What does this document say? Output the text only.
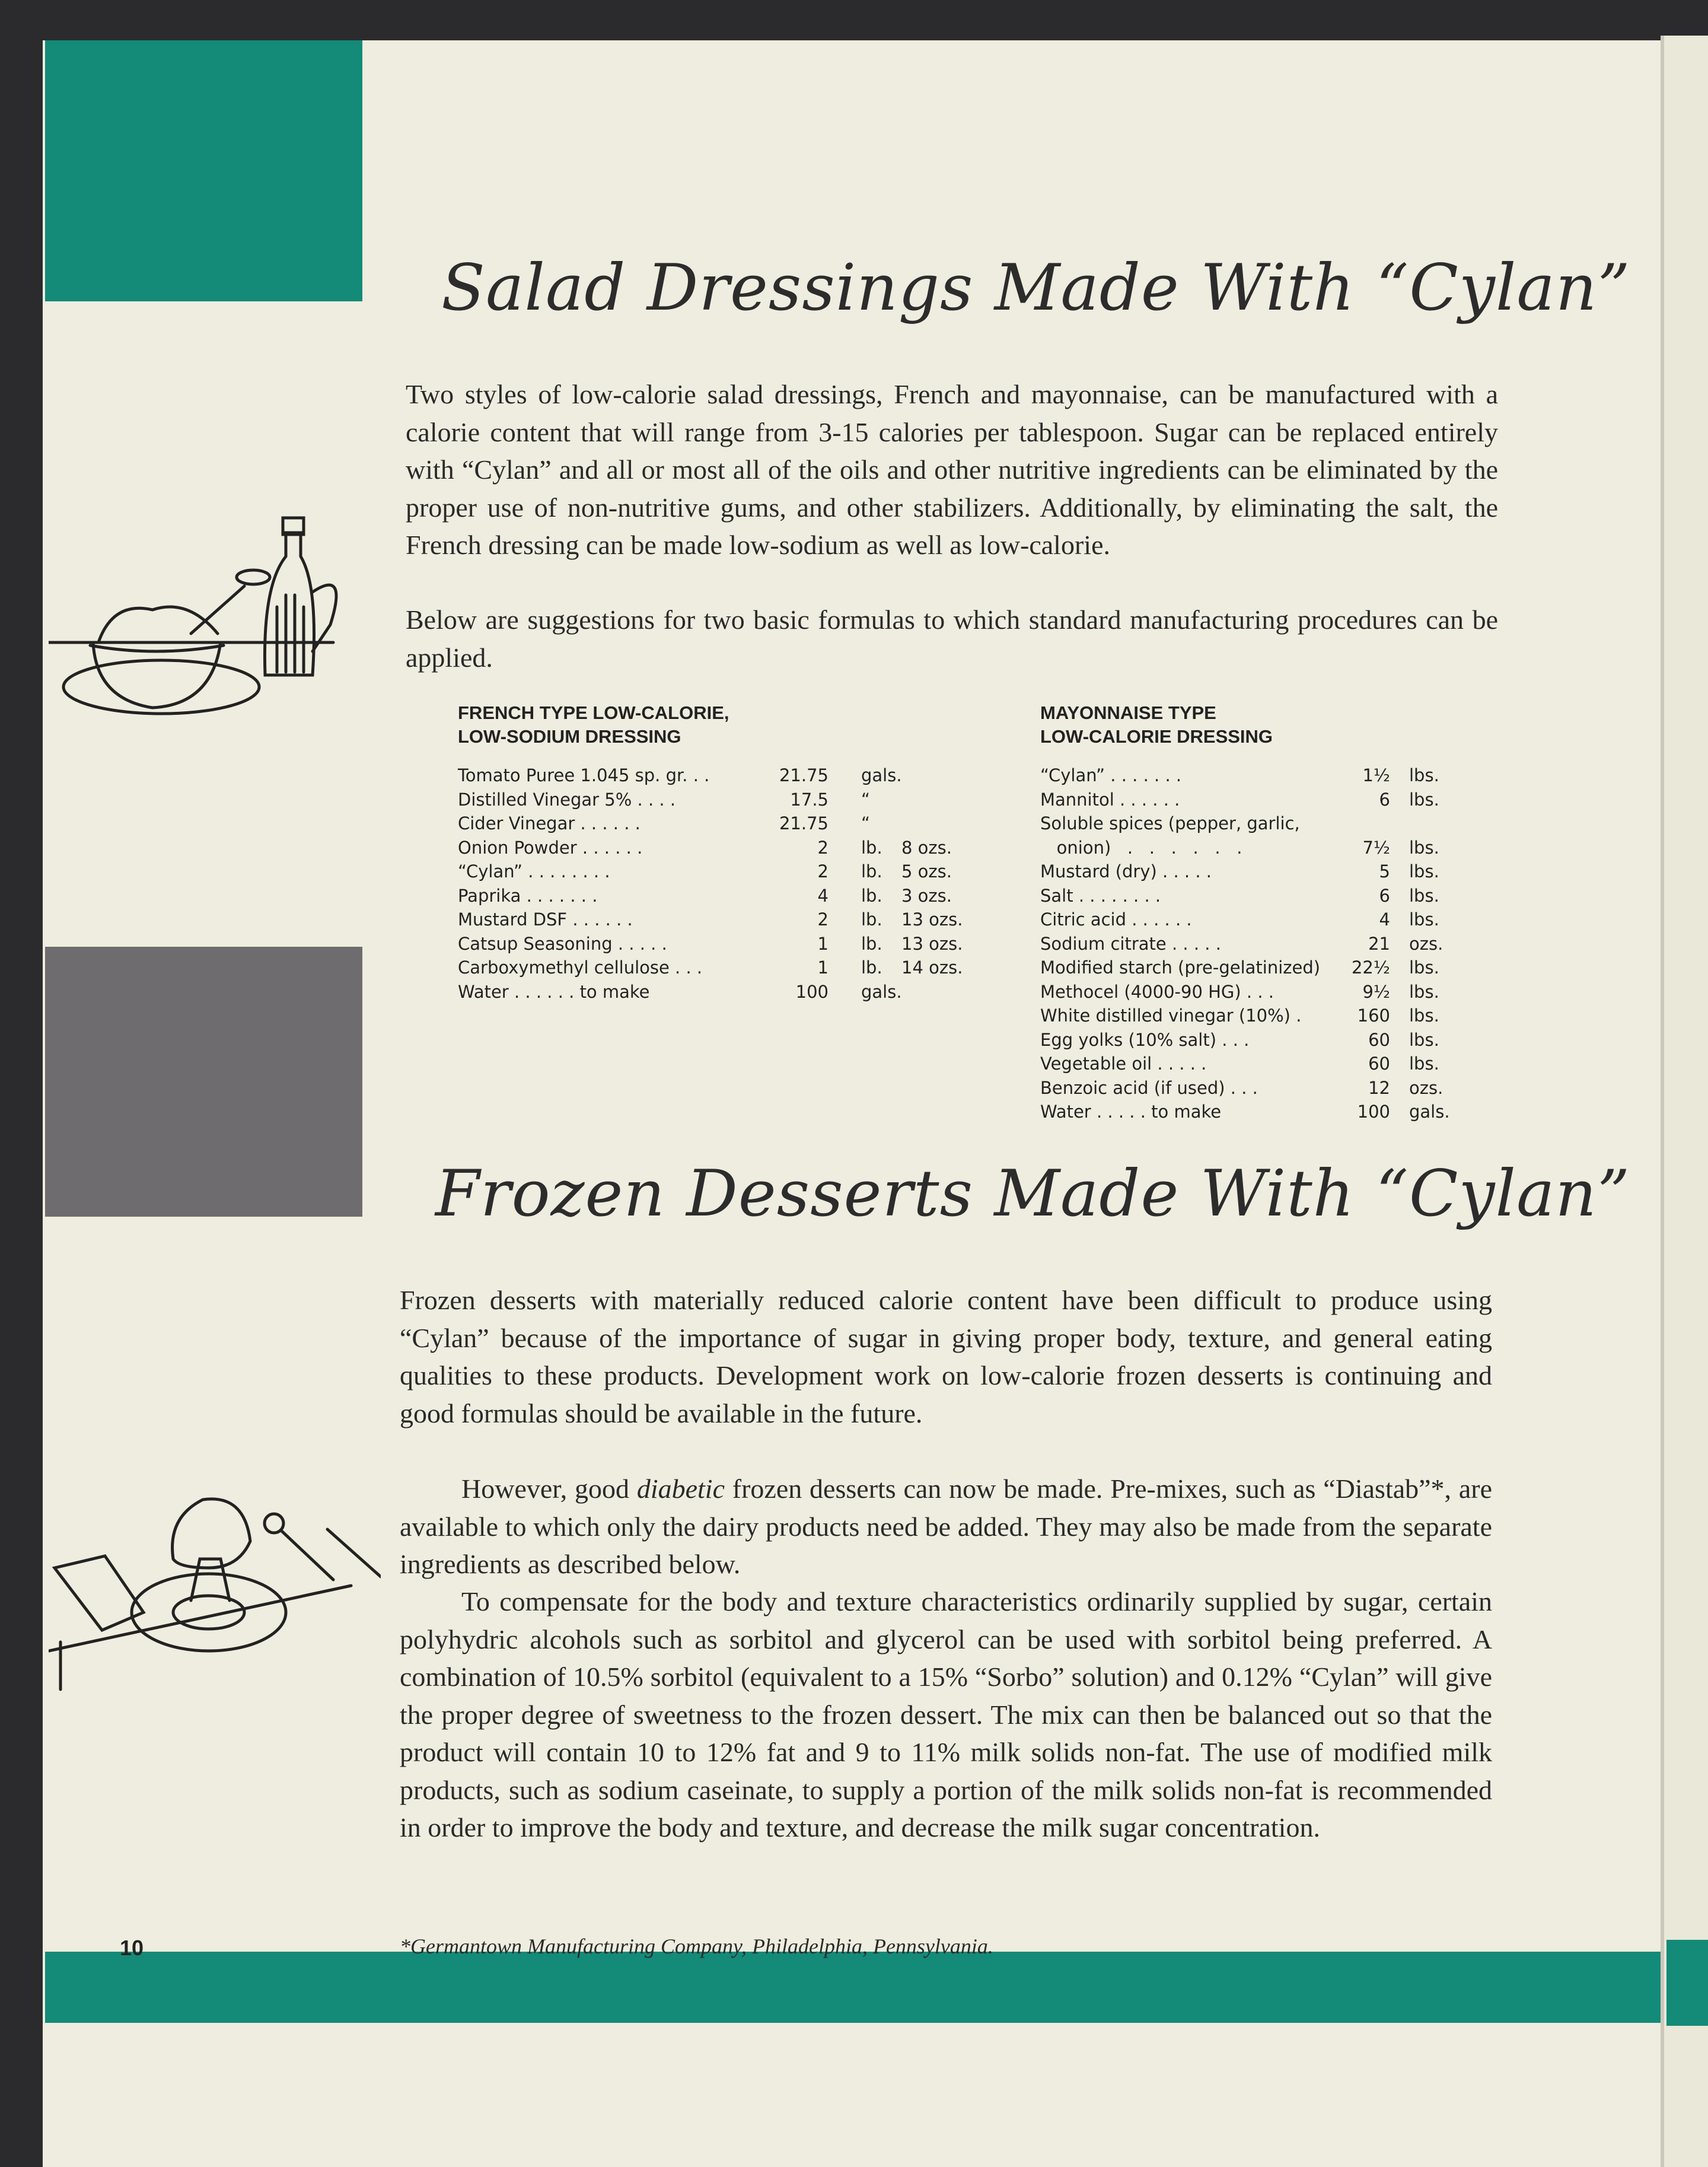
Salad Dressings Made With “Cylan”

Two styles of low-calorie salad dressings, French and mayonnaise, can be manufactured with a calorie content that will range from 3-15 calories per tablespoon. Sugar can be replaced entirely with “Cylan” and all or most all of the oils and other nutritive ingredients can be eliminated by the proper use of non-nutritive gums, and other stabilizers. Additionally, by eliminating the salt, the French dressing can be made low-sodium as well as low-calorie.

Below are suggestions for two basic formulas to which standard manufacturing procedures can be applied.

FRENCH TYPE LOW-CALORIE,
LOW-SODIUM DRESSING
MAYONNAISE TYPE
LOW-CALORIE DRESSING
Tomato Puree 1.045 sp. gr. . .	21.75 gals.
Distilled Vinegar 5% . . . .	17.5 “
Cider Vinegar . . . . . .	21.75 “
Onion Powder . . . . . .	2 lb. 8 ozs.
“Cylan” . . . . . . . .	2 lb. 5 ozs.
Paprika . . . . . . .	4 lb. 3 ozs.
Mustard DSF . . . . . .	2 lb. 13 ozs.
Catsup Seasoning . . . . .	1 lb. 13 ozs.
Carboxymethyl cellulose . . .	1 lb. 14 ozs.
Water . . . . . . to make	100 gals.
“Cylan” . . . . . . .	1½ lbs.
Mannitol . . . . . .	6 lbs.
Soluble spices (pepper, garlic,
onion)   .   .   .   .   .   .	7½ lbs.
Mustard (dry) . . . . .	5 lbs.
Salt . . . . . . . .	6 lbs.
Citric acid . . . . . .	4 lbs.
Sodium citrate . . . . .	21 ozs.
Modified starch (pre-gelatinized)	22½ lbs.
Methocel (4000-90 HG) . . .	9½ lbs.
White distilled vinegar (10%) .	160 lbs.
Egg yolks (10% salt) . . .	60 lbs.
Vegetable oil . . . . .	60 lbs.
Benzoic acid (if used) . . .	12 ozs.
Water . . . . . to make	100 gals.
Frozen Desserts Made With “Cylan”

Frozen desserts with materially reduced calorie content have been difficult to produce using “Cylan” because of the importance of sugar in giving proper body, texture, and general eating qualities to these products. Development work on low-calorie frozen desserts is continuing and good formulas should be available in the future.

However, good diabetic frozen desserts can now be made. Pre-mixes, such as “Diastab”*, are available to which only the dairy products need be added. They may also be made from the separate ingredients as described below.

To compensate for the body and texture characteristics ordinarily supplied by sugar, certain polyhydric alcohols such as sorbitol and glycerol can be used with sorbitol being preferred. A combination of 10.5% sorbitol (equivalent to a 15% “Sorbo” solution) and 0.12% “Cylan” will give the proper degree of sweetness to the frozen dessert. The mix can then be balanced out so that the product will contain 10 to 12% fat and 9 to 11% milk solids non-fat. The use of modified milk products, such as sodium caseinate, to supply a portion of the milk solids non-fat is recommended in order to improve the body and texture, and decrease the milk sugar concentration.

*Germantown Manufacturing Company, Philadelphia, Pennsylvania.
10
